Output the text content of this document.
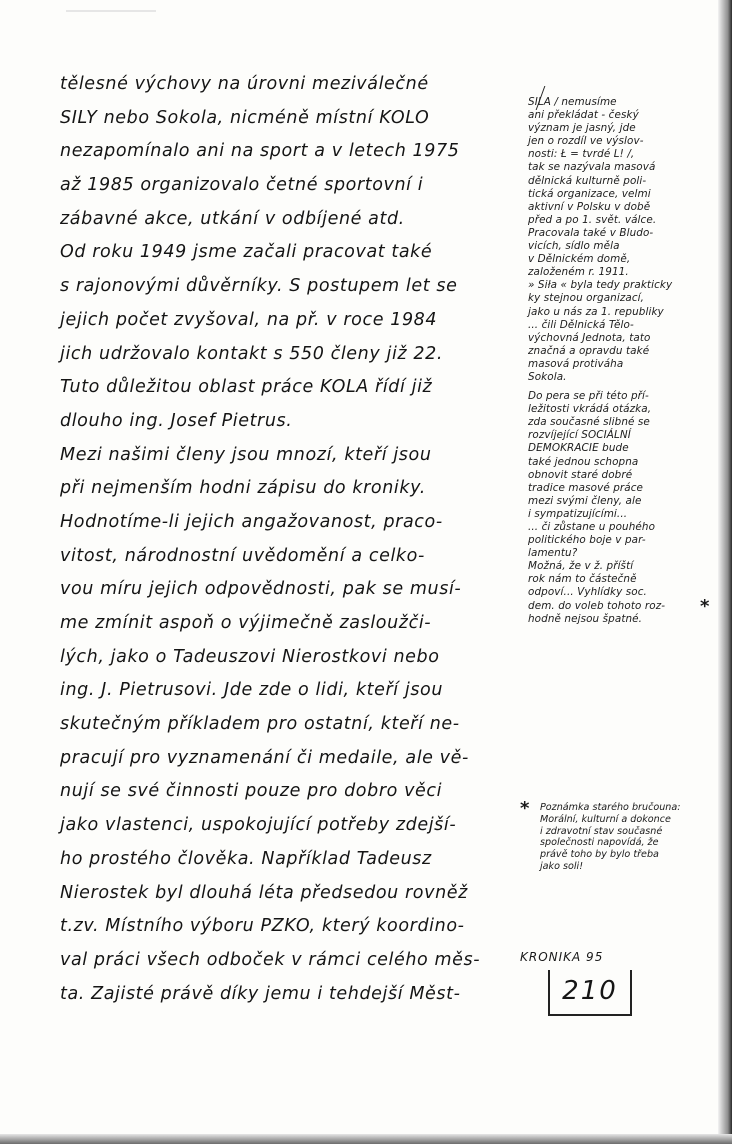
tělesné výchovy na úrovni meziválečné
SILY nebo Sokola, nicméně místní KOLO
nezapomínalo ani na sport a v letech 1975
až 1985 organizovalo četné sportovní i
zábavné akce, utkání v odbíjené atd.
Od roku 1949 jsme začali pracovat také
s rajonovými důvěrníky. S postupem let se
jejich počet zvyšoval, na př. v roce 1984
jich udržovalo kontakt s 550 členy již 22.
Tuto důležitou oblast práce KOLA řídí již
dlouho ing. Josef Pietrus.
Mezi našimi členy jsou mnozí, kteří jsou
při nejmenším hodni zápisu do kroniky.
Hodnotíme-li jejich angažovanost, praco-
vitost, národnostní uvědomění a celko-
vou míru jejich odpovědnosti, pak se musí-
me zmínit aspoň o výjimečně zasloužči-
lých, jako o Tadeuszovi Nierostkovi nebo
ing. J. Pietrusovi. Jde zde o lidi, kteří jsou
skutečným příkladem pro ostatní, kteří ne-
pracují pro vyznamenání či medaile, ale vě-
nují se své činnosti pouze pro dobro věci
jako vlastenci, uspokojující potřeby zdejší-
ho prostého člověka. Například Tadeusz
Nierostek byl dlouhá léta předsedou rovněž
t.zv. Místního výboru PZKO, který koordino-
val práci všech odboček v rámci celého měs-
ta. Zajisté právě díky jemu i tehdejší Měst-
SILA / nemusíme
ani překládat - český
význam je jasný, jde
jen o rozdíl ve výslov-
nosti: Ł = tvrdé L! /,
tak se nazývala masová
dělnická kulturně poli-
tická organizace, velmi
aktivní v Polsku v době
před a po 1. svět. válce.
Pracovala také v Bludo-
vicích, sídlo měla
v Dělnickém domě,
založeném r. 1911.
» Siła « byla tedy prakticky
ky stejnou organizací,
jako u nás za 1. republiky
... čili Dělnická Tělo-
výchovná Jednota, tato
značná a opravdu také
masová protiváha
Sokola.
Do pera se při této pří-
ležitosti vkrádá otázka,
zda současné slibné se
rozvíjející SOCIÁLNÍ
DEMOKRACIE bude
také jednou schopna
obnovit staré dobré
tradice masové práce
mezi svými členy, ale
i sympatizujícími...
... či zůstane u pouhého
politického boje v par-
lamentu?
Možná, že v ž. příští
rok nám to částečně
odpoví... Vyhlídky soc.
dem. do voleb tohoto roz-
hodně nejsou špatné.
*
* Poznámka starého bručouna:
Morální, kulturní a dokonce
i zdravotní stav současné
společnosti napovídá, že
právě toho by bylo třeba
jako soli!
KRONIKA 95
210
